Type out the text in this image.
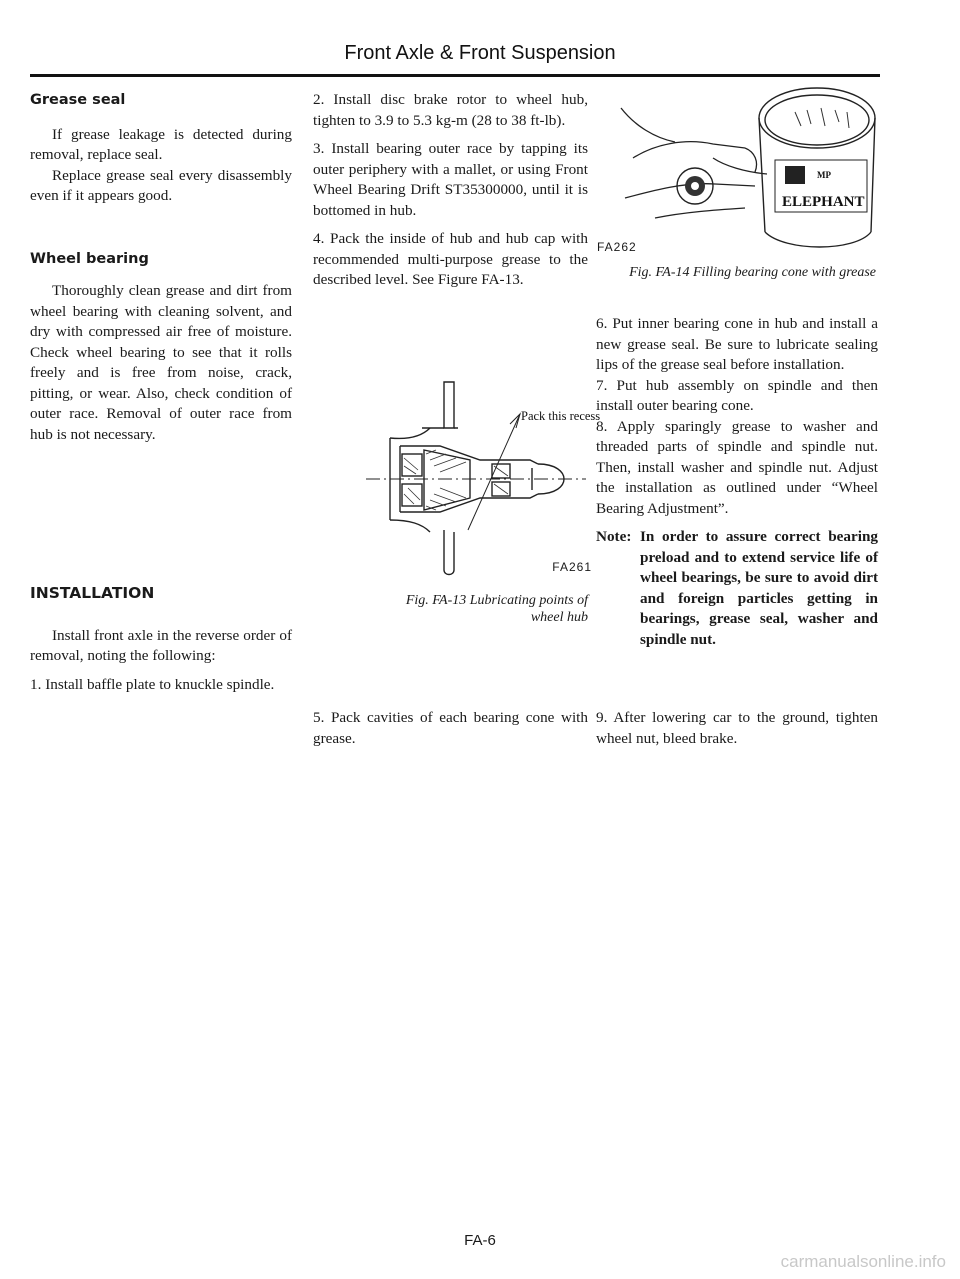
Front Axle & Front Suspension

Grease seal

If grease leakage is detected during removal, replace seal.

Replace grease seal every disassembly even if it appears good.

Wheel bearing

Thoroughly clean grease and dirt from wheel bearing with cleaning solvent, and dry with compressed air free of moisture. Check wheel bearing to see that it rolls freely and is free from noise, crack, pitting, or wear. Also, check condition of outer race. Removal of outer race from hub is not necessary.

INSTALLATION

Install front axle in the reverse order of removal, noting the following:

1. Install baffle plate to knuckle spindle.

2. Install disc brake rotor to wheel hub, tighten to 3.9 to 5.3 kg-m (28 to 38 ft-lb).

3. Install bearing outer race by tapping its outer periphery with a mallet, or using Front Wheel Bearing Drift ST35300000, until it is bottomed in hub.

4. Pack the inside of hub and hub cap with recommended multi-purpose grease to the described level. See Figure FA-13.

Pack this recess
FA261
Fig. FA-13 Lubricating points of wheel hub
5. Pack cavities of each bearing cone with grease.
MP
ELEPHANT
FA262
Fig. FA-14 Filling bearing cone with grease

6. Put inner bearing cone in hub and install a new grease seal. Be sure to lubricate sealing lips of the grease seal before installation.

7. Put hub assembly on spindle and then install outer bearing cone.

8. Apply sparingly grease to washer and threaded parts of spindle and spindle nut. Then, install washer and spindle nut. Adjust the installation as outlined under “Wheel Bearing Adjustment”.

Note: In order to assure correct bearing preload and to extend service life of wheel bearings, be sure to avoid dirt and foreign particles getting in bearings, grease seal, washer and spindle nut.

9. After lowering car to the ground, tighten wheel nut, bleed brake.
FA-6
carmanualsonline.info
